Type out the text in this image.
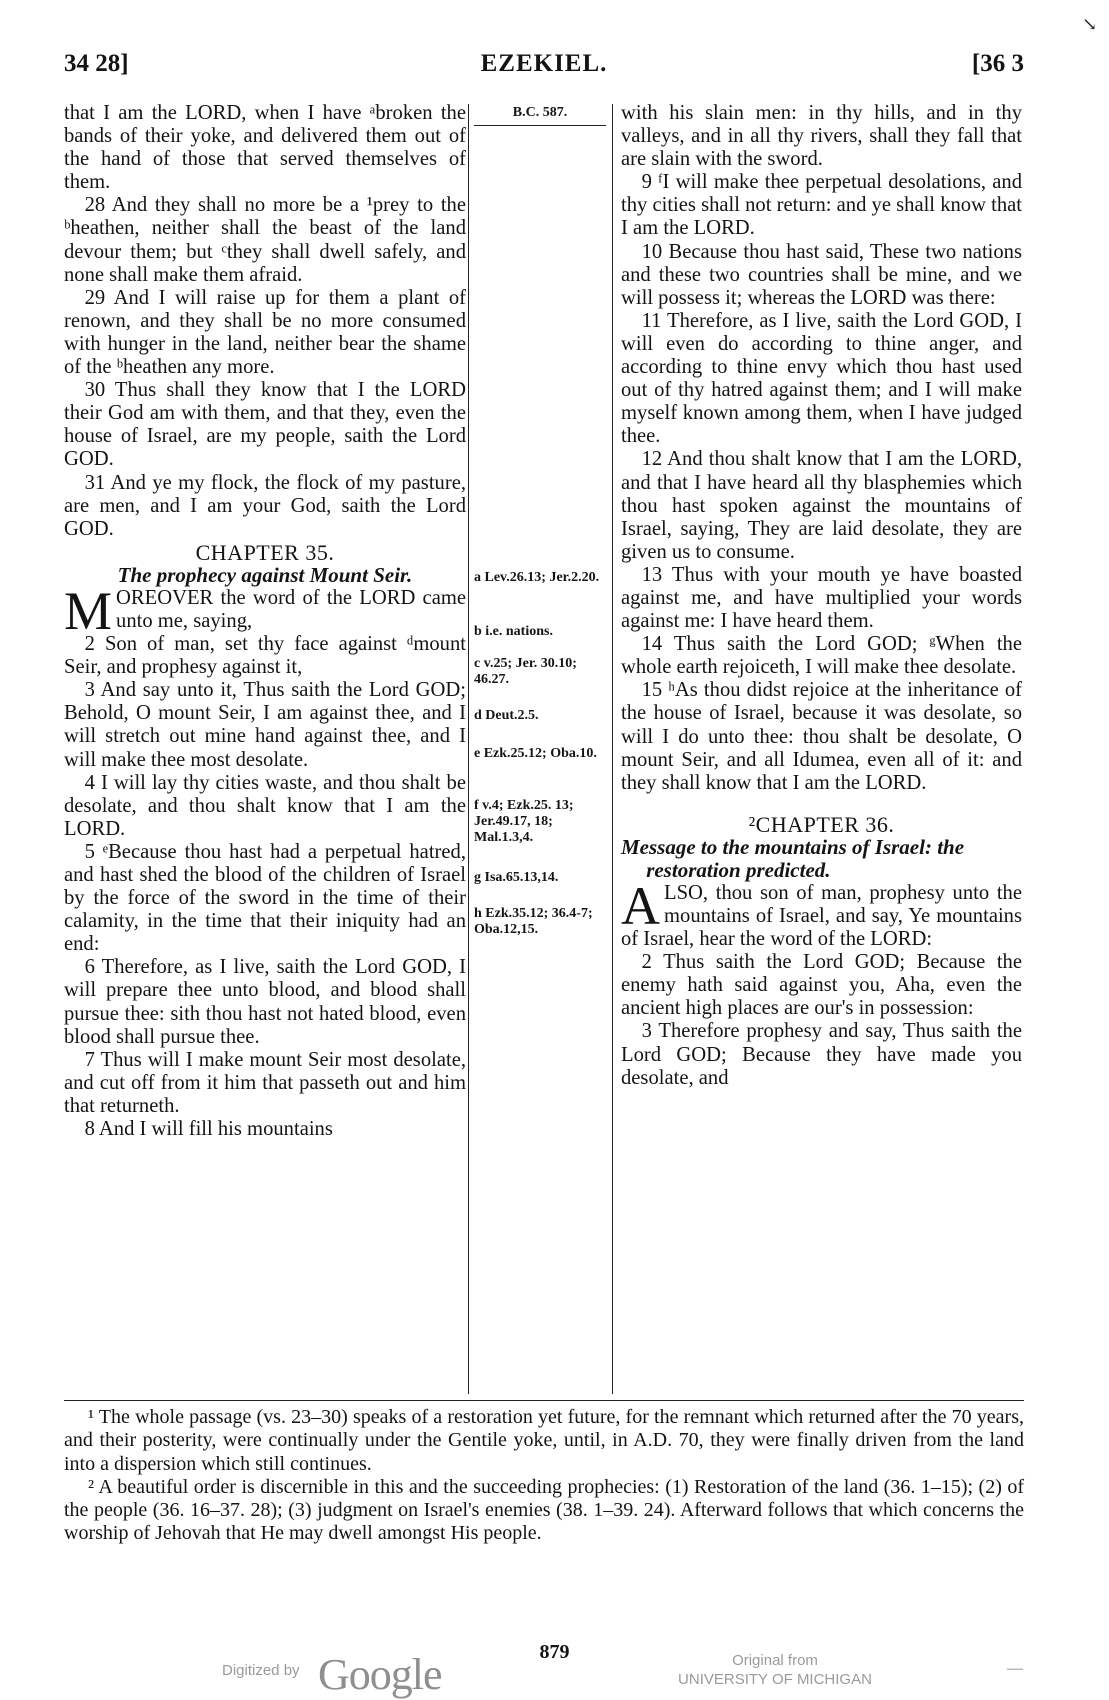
↘
34 28]	EZEKIEL.	[36 3

that I am the LORD, when I have ᵃbroken the bands of their yoke, and delivered them out of the hand of those that served themselves of them.

28 And they shall no more be a ¹prey to the ᵇheathen, neither shall the beast of the land devour them; but ᶜthey shall dwell safely, and none shall make them afraid.

29 And I will raise up for them a plant of renown, and they shall be no more consumed with hunger in the land, neither bear the shame of the ᵇheathen any more.

30 Thus shall they know that I the LORD their God am with them, and that they, even the house of Israel, are my people, saith the Lord GOD.

31 And ye my flock, the flock of my pasture, are men, and I am your God, saith the Lord GOD.

CHAPTER 35.

The prophecy against Mount Seir.

M OREOVER the word of the LORD came unto me, saying,

2 Son of man, set thy face against ᵈmount Seir, and prophesy against it,

3 And say unto it, Thus saith the Lord GOD; Behold, O mount Seir, I am against thee, and I will stretch out mine hand against thee, and I will make thee most desolate.

4 I will lay thy cities waste, and thou shalt be desolate, and thou shalt know that I am the LORD.

5 ᵉBecause thou hast had a perpetual hatred, and hast shed the blood of the children of Israel by the force of the sword in the time of their calamity, in the time that their iniquity had an end:

6 Therefore, as I live, saith the Lord GOD, I will prepare thee unto blood, and blood shall pursue thee: sith thou hast not hated blood, even blood shall pursue thee.

7 Thus will I make mount Seir most desolate, and cut off from it him that passeth out and him that returneth.

8 And I will fill his mountains

B.C. 587.
a Lev.26.13; Jer.2.20.
b i.e. nations.
c v.25; Jer. 30.10; 46.27.
d Deut.2.5.
e Ezk.25.12; Oba.10.
f v.4; Ezk.25. 13; Jer.49.17, 18; Mal.1.3,4.
g Isa.65.13,14.
h Ezk.35.12; 36.4-7; Oba.12,15.

with his slain men: in thy hills, and in thy valleys, and in all thy rivers, shall they fall that are slain with the sword.

9 ᶠI will make thee perpetual desolations, and thy cities shall not return: and ye shall know that I am the LORD.

10 Because thou hast said, These two nations and these two countries shall be mine, and we will possess it; whereas the LORD was there:

11 Therefore, as I live, saith the Lord GOD, I will even do according to thine anger, and according to thine envy which thou hast used out of thy hatred against them; and I will make myself known among them, when I have judged thee.

12 And thou shalt know that I am the LORD, and that I have heard all thy blasphemies which thou hast spoken against the mountains of Israel, saying, They are laid desolate, they are given us to consume.

13 Thus with your mouth ye have boasted against me, and have multiplied your words against me: I have heard them.

14 Thus saith the Lord GOD; ᵍWhen the whole earth rejoiceth, I will make thee desolate.

15 ʰAs thou didst rejoice at the inheritance of the house of Israel, because it was desolate, so will I do unto thee: thou shalt be desolate, O mount Seir, and all Idumea, even all of it: and they shall know that I am the LORD.

²CHAPTER 36.

Message to the mountains of Israel: the restoration predicted.

A LSO, thou son of man, prophesy unto the mountains of Israel, and say, Ye mountains of Israel, hear the word of the LORD:

2 Thus saith the Lord GOD; Because the enemy hath said against you, Aha, even the ancient high places are our's in possession:

3 Therefore prophesy and say, Thus saith the Lord GOD; Because they have made you desolate, and

¹ The whole passage (vs. 23–30) speaks of a restoration yet future, for the remnant which returned after the 70 years, and their posterity, were continually under the Gentile yoke, until, in A.D. 70, they were finally driven from the land into a dispersion which still continues.

² A beautiful order is discernible in this and the succeeding prophecies: (1) Restoration of the land (36. 1–15); (2) of the people (36. 16–37. 28); (3) judgment on Israel's enemies (38. 1–39. 24). Afterward follows that which concerns the worship of Jehovah that He may dwell amongst His people.

879
Digitized by Google	Original from
UNIVERSITY OF MICHIGAN
—
